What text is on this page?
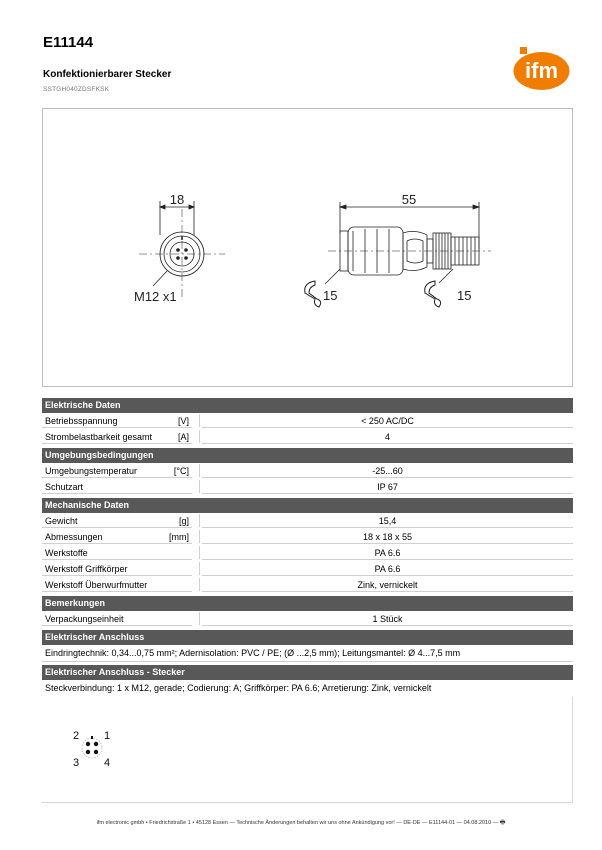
E11144
Konfektionierbarer Stecker
SSTGH040ZDSFKSK
ifm
18
M12 x1
55
15	15
Elektrische Daten
Betriebsspannung	[V]	< 250 AC/DC
Strombelastbarkeit gesamt	[A]	4
Umgebungsbedingungen
Umgebungstemperatur	[°C]	-25...60
Schutzart	IP 67
Mechanische Daten
Gewicht	[g]	15,4
Abmessungen	[mm]	18 x 18 x 55
Werkstoffe	PA 6.6
Werkstoff Griffkörper	PA 6.6
Werkstoff Überwurfmutter	Zink, vernickelt
Bemerkungen
Verpackungseinheit	1 Stück
Elektrischer Anschluss
Eindringtechnik: 0,34...0,75 mm²; Adernisolation: PVC / PE; (Ø ...2,5 mm); Leitungsmantel: Ø 4...7,5 mm
Elektrischer Anschluss - Stecker
Steckverbindung: 1 x M12, gerade; Codierung: A; Griffkörper: PA 6.6; Arretierung: Zink, vernickelt
1
2
3 4
ifm electronic gmbh • Friedrichstraße 1 • 45128 Essen — Technische Änderungen behalten wir uns ohne Ankündigung vor! — DE-DE — E11144-01 — 04.08.2010 — 🖶
